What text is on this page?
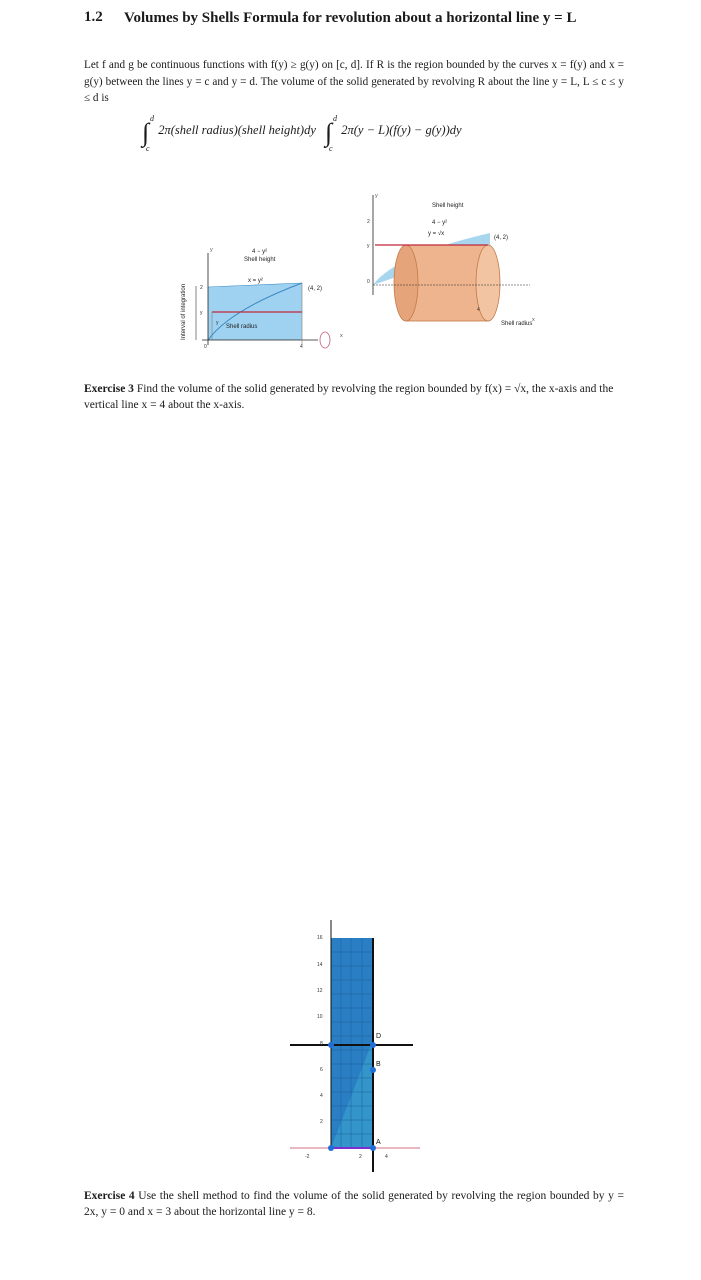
1.2 Volumes by Shells Formula for revolution about a horizontal line y = L
Let f and g be continuous functions with f(y) ≥ g(y) on [c, d]. If R is the region bounded by the curves x = f(y) and x = g(y) between the lines y = c and y = d. The volume of the solid generated by revolving R about the line y = L, L ≤ c ≤ y ≤ d is
∫ d
c
2π(shell radius)(shell height)dy ∫ d
c
2π(y − L)(f(y) − g(y))dy
Interval of integration
y
x
4 − y²
Shell height
x = y²
(4, 2)
Shell radius
y
2
y
0	4
y
2
y
0
x
Shell height
4 − y²
y = √x
(4, 2)
4
Shell radius
Exercise 3 Find the volume of the solid generated by revolving the region bounded by f(x) = √x, the x-axis and the vertical line x = 4 about the x-axis.
16
14
12
10
8
6
4
2
-2	2	4
A
B
D
Exercise 4 Use the shell method to find the volume of the solid generated by revolving the region bounded by y = 2x, y = 0 and x = 3 about the horizontal line y = 8.
